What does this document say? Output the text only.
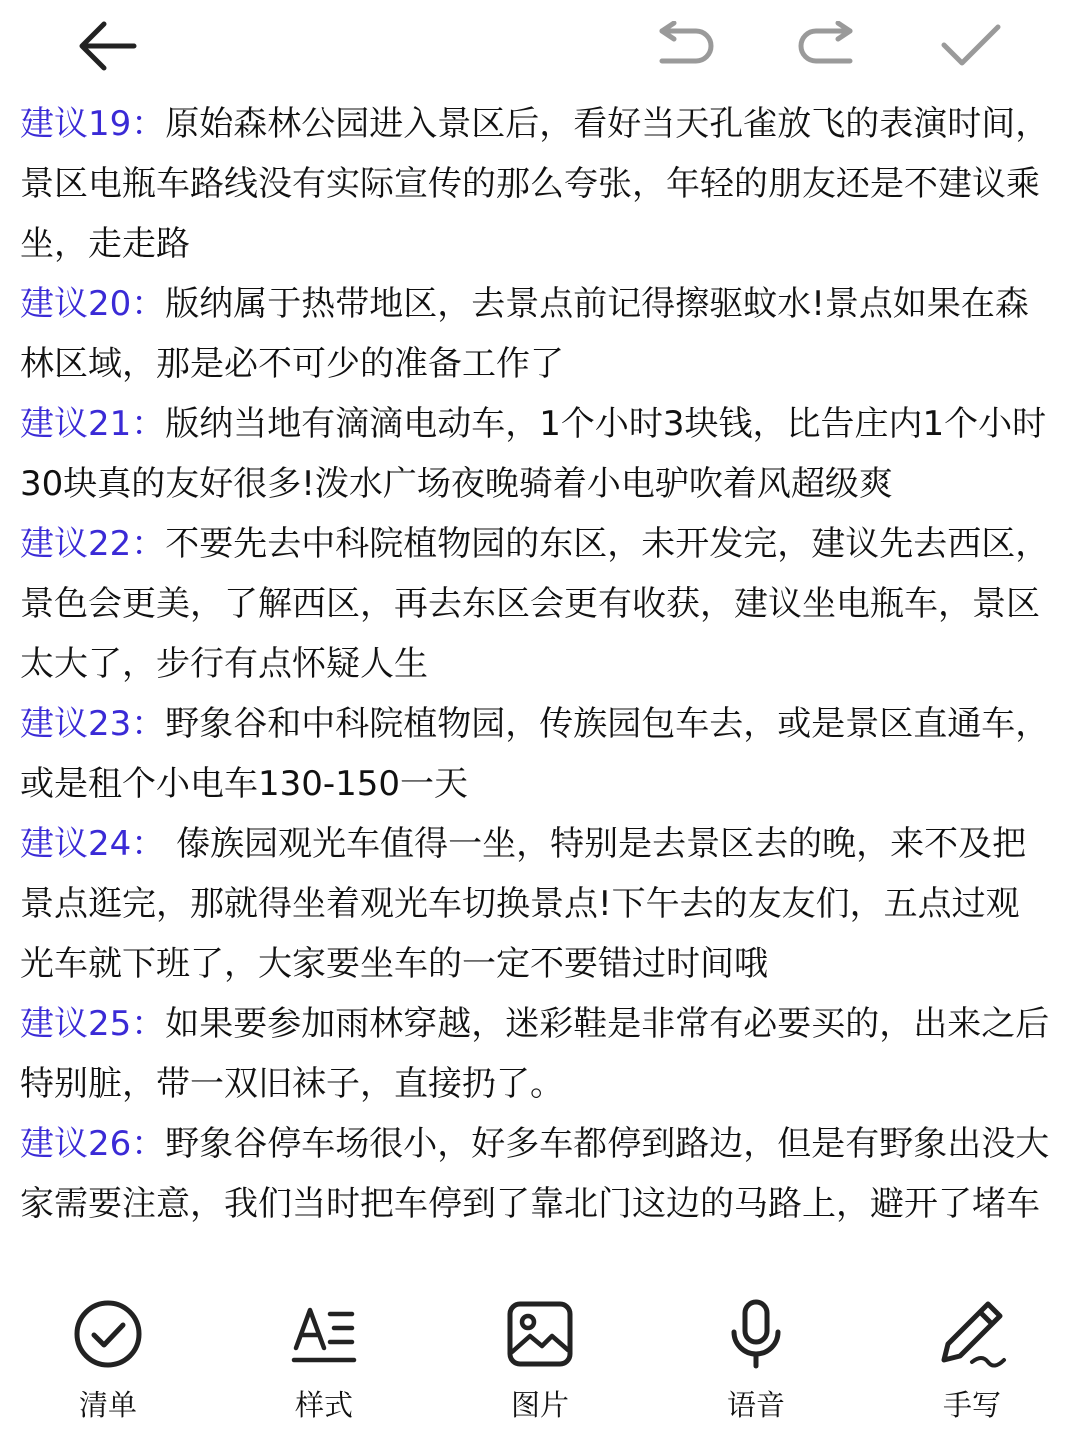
建议19：原始森林公园进入景区后，看好当天孔雀放飞的表演时间，景区电瓶车路线没有实际宣传的那么夸张，年轻的朋友还是不建议乘坐，走走路

建议20：版纳属于热带地区，去景点前记得擦驱蚊水!景点如果在森林区域，那是必不可少的准备工作了

建议21：版纳当地有滴滴电动车，1个小时3块钱，比告庄内1个小时30块真的友好很多!泼水广场夜晚骑着小电驴吹着风超级爽

建议22：不要先去中科院植物园的东区，未开发完，建议先去西区，景色会更美，了解西区，再去东区会更有收获，建议坐电瓶车，景区太大了，步行有点怀疑人生

建议23：野象谷和中科院植物园，传族园包车去，或是景区直通车，或是租个小电车130-150一天

建议24： 傣族园观光车值得一坐，特别是去景区去的晚，来不及把景点逛完，那就得坐着观光车切换景点!下午去的友友们，五点过观光车就下班了，大家要坐车的一定不要错过时间哦

建议25：如果要参加雨林穿越，迷彩鞋是非常有必要买的，出来之后特别脏，带一双旧袜子，直接扔了。

建议26：野象谷停车场很小，好多车都停到路边，但是有野象出没大家需要注意，我们当时把车停到了靠北门这边的马路上，避开了堵车

清单	样式	图片	语音	手写
